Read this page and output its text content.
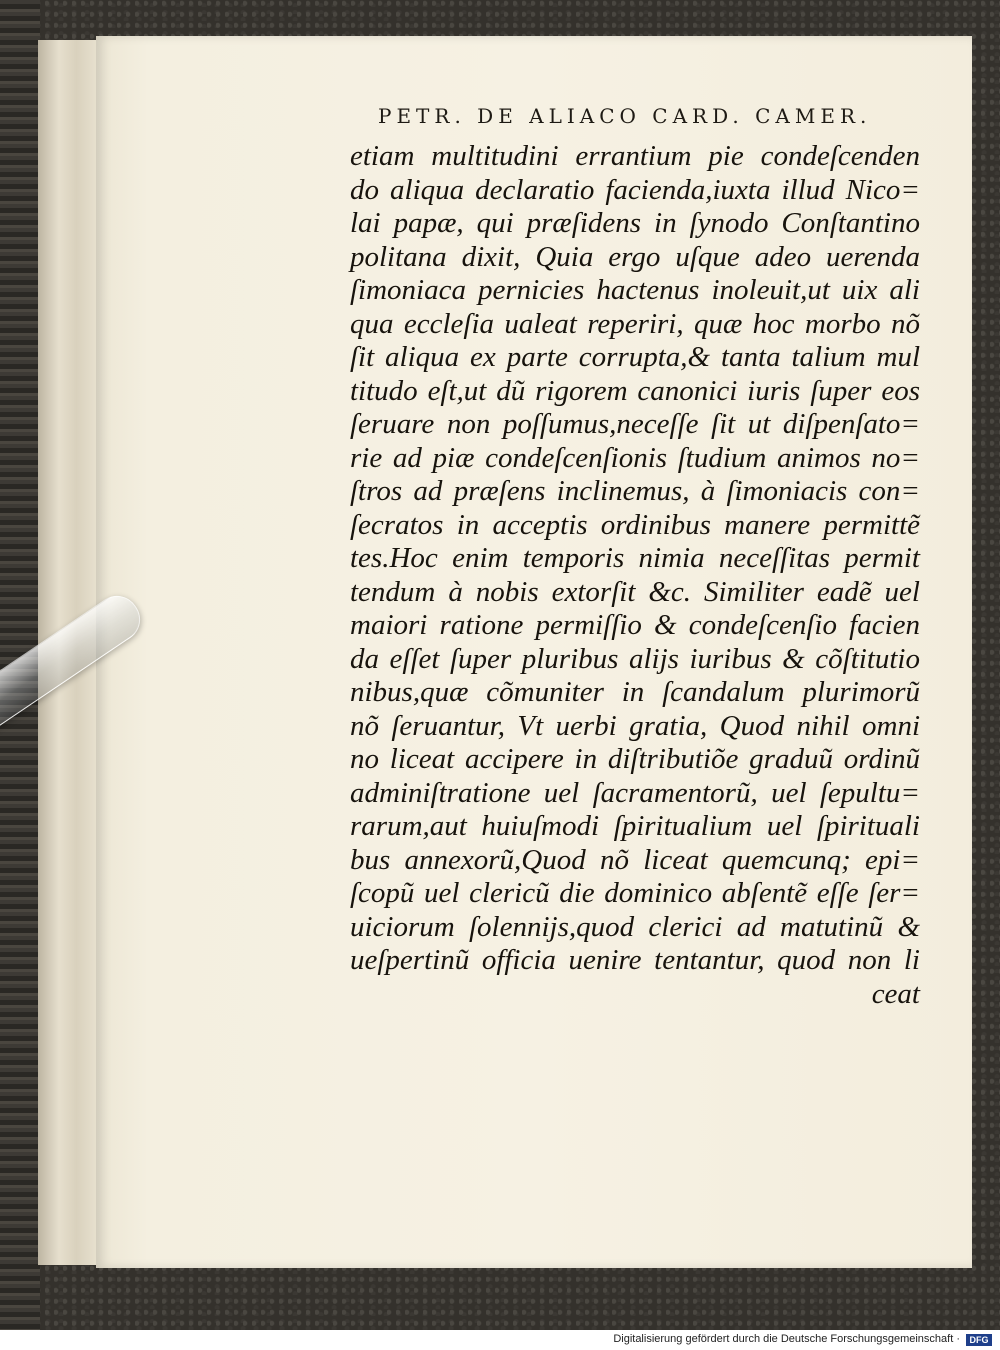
PETR. DE ALIACO CARD. CAMER.
etiam multitudini errantium pie condeſcenden
do aliqua declaratio facienda,iuxta illud Nico=
lai papæ, qui præſidens in ſynodo Conſtantino
politana dixit, Quia ergo uſque adeo uerenda
ſimoniaca pernicies hactenus inoleuit,ut uix ali
qua eccleſia ualeat reperiri, quæ hoc morbo nõ
ſit aliqua ex parte corrupta,& tanta talium mul
titudo eſt,ut dũ rigorem canonici iuris ſuper eos
ſeruare non poſſumus,neceſſe ſit ut diſpenſato=
rie ad piæ condeſcenſionis ſtudium animos no=
ſtros ad præſens inclinemus, à ſimoniacis con=
ſecratos in acceptis ordinibus manere permittẽ
tes.Hoc enim temporis nimia neceſſitas permit
tendum à nobis extorſit &c. Similiter eadẽ uel
maiori ratione permiſſio & condeſcenſio facien
da eſſet ſuper pluribus alijs iuribus & cõſtitutio
nibus,quæ cõmuniter in ſcandalum plurimorũ
nõ ſeruantur, Vt uerbi gratia, Quod nihil omni
no liceat accipere in diſtributiõe graduũ ordinũ
adminiſtratione uel ſacramentorũ, uel ſepultu=
rarum,aut huiuſmodi ſpiritualium uel ſpirituali
bus annexorũ,Quod nõ liceat quemcunq; epi=
ſcopũ uel clericũ die dominico abſentẽ eſſe ſer=
uiciorum ſolennijs,quod clerici ad matutinũ &
ueſpertinũ officia uenire tentantur, quod non li
ceat
Digitalisierung gefördert durch die Deutsche Forschungsgemeinschaft ·	DFG
